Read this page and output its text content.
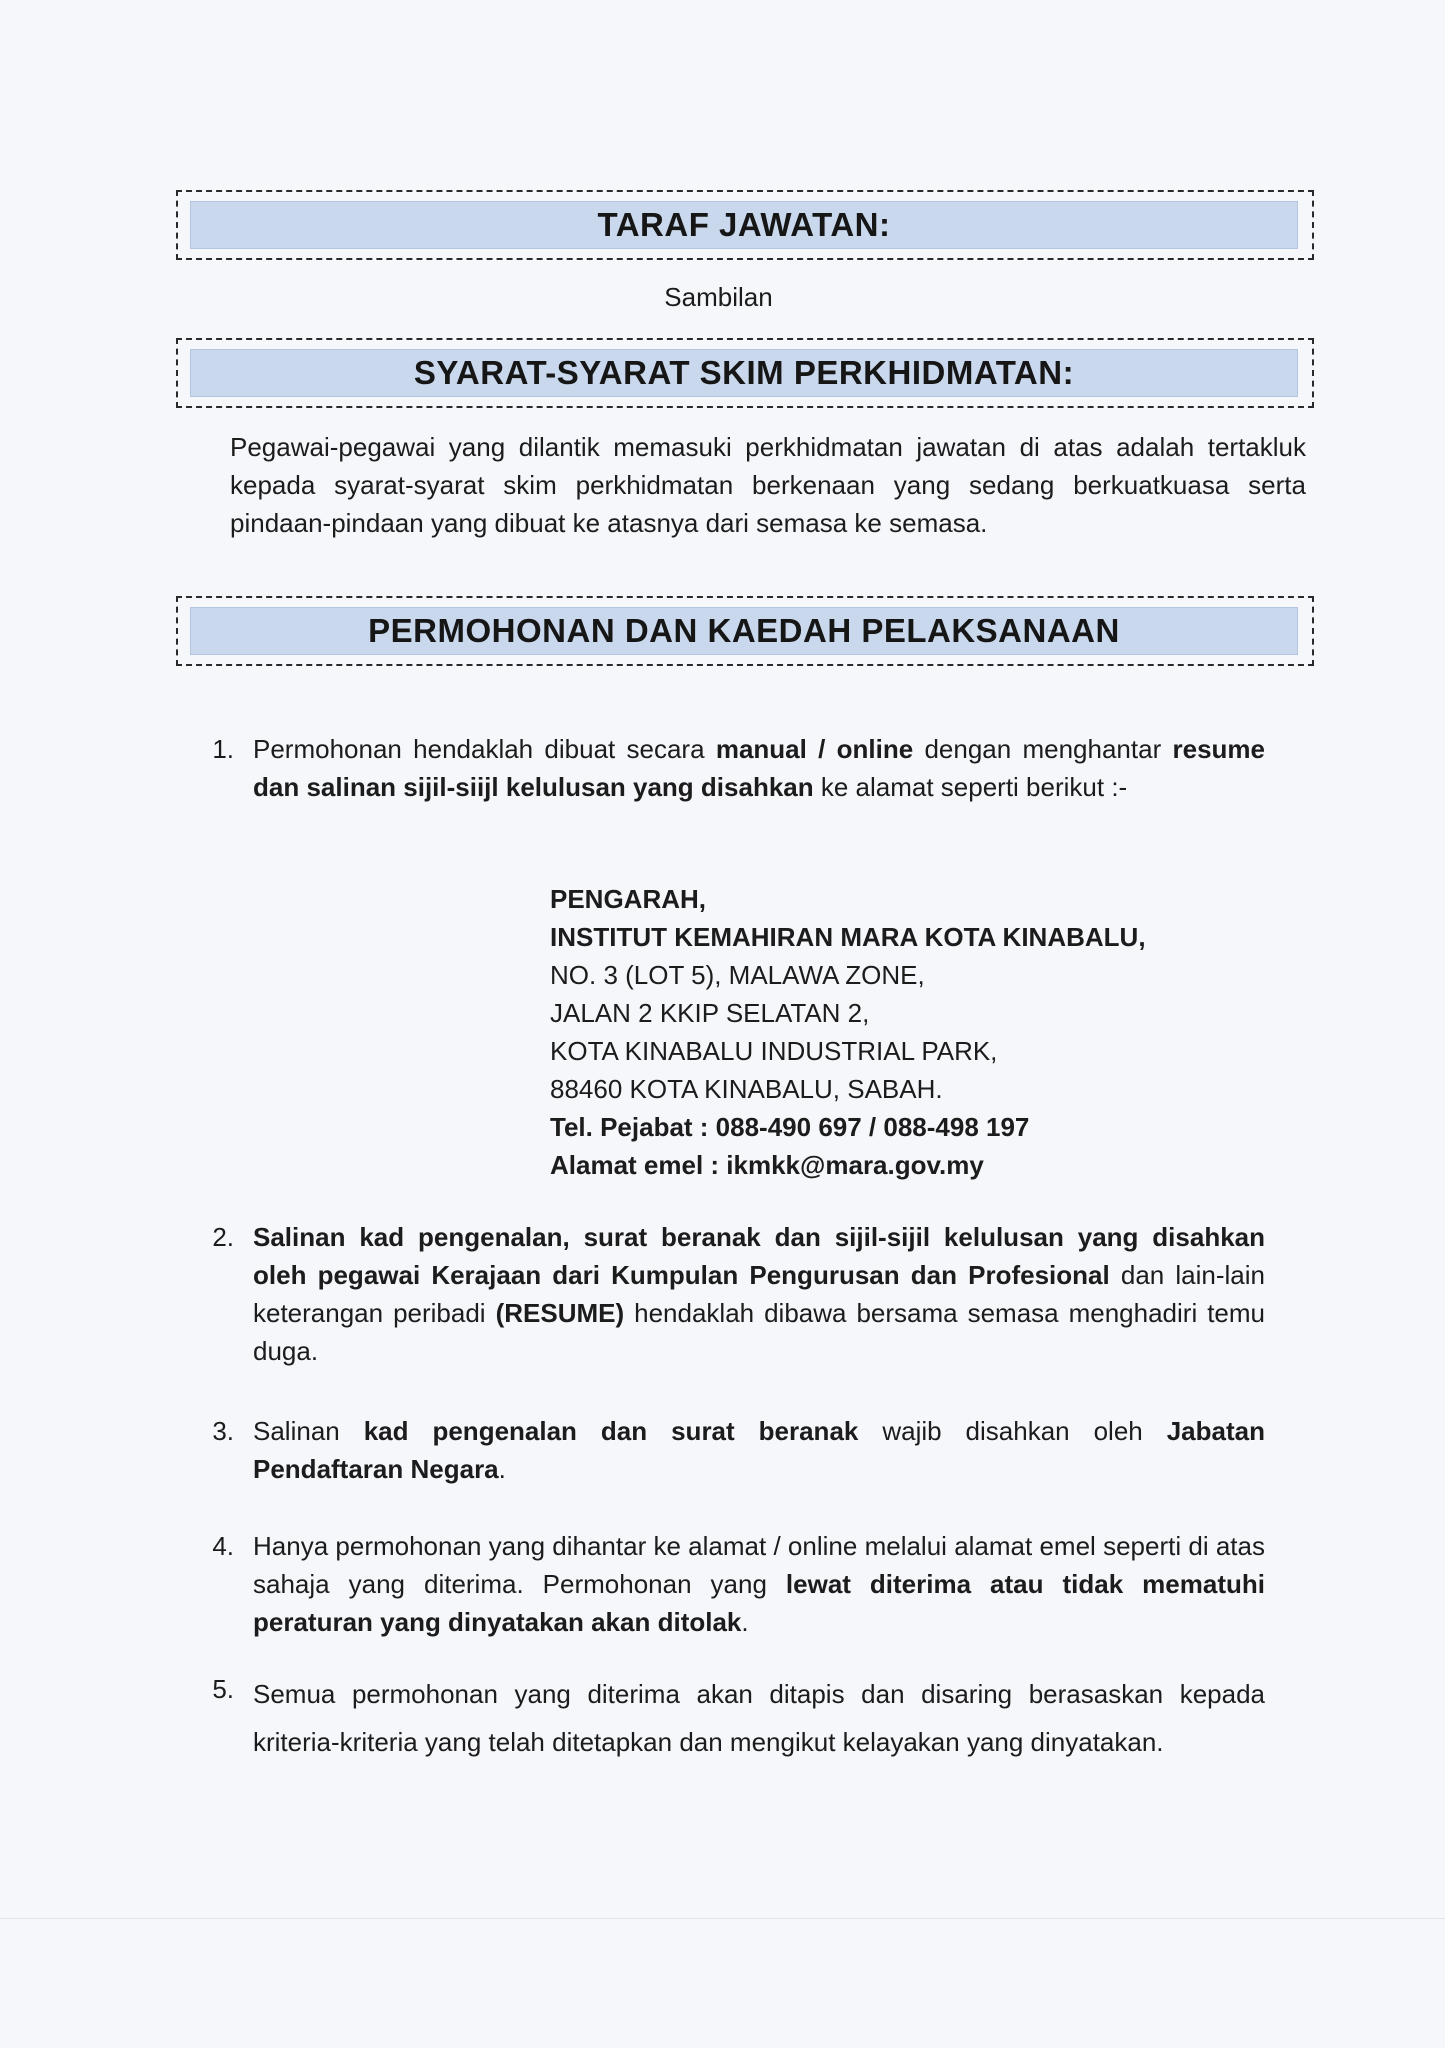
TARAF JAWATAN:
Sambilan
SYARAT-SYARAT SKIM PERKHIDMATAN:
Pegawai-pegawai yang dilantik memasuki perkhidmatan jawatan di atas adalah tertakluk kepada syarat-syarat skim perkhidmatan berkenaan yang sedang berkuatkuasa serta pindaan-pindaan yang dibuat ke atasnya dari semasa ke semasa.
PERMOHONAN DAN KAEDAH PELAKSANAAN
1. Permohonan hendaklah dibuat secara manual / online dengan menghantar resume dan salinan sijil-siijl kelulusan yang disahkan ke alamat seperti berikut :-
PENGARAH,
INSTITUT KEMAHIRAN MARA KOTA KINABALU,
NO. 3 (LOT 5), MALAWA ZONE,
JALAN 2 KKIP SELATAN 2,
KOTA KINABALU INDUSTRIAL PARK,
88460 KOTA KINABALU, SABAH.
Tel. Pejabat : 088-490 697 / 088-498 197
Alamat emel : ikmkk@mara.gov.my
2. Salinan kad pengenalan, surat beranak dan sijil-sijil kelulusan yang disahkan oleh pegawai Kerajaan dari Kumpulan Pengurusan dan Profesional dan lain-lain keterangan peribadi (RESUME) hendaklah dibawa bersama semasa menghadiri temu duga.
3. Salinan kad pengenalan dan surat beranak wajib disahkan oleh Jabatan Pendaftaran Negara.
4. Hanya permohonan yang dihantar ke alamat / online melalui alamat emel seperti di atas sahaja yang diterima. Permohonan yang lewat diterima atau tidak mematuhi peraturan yang dinyatakan akan ditolak.
5. Semua permohonan yang diterima akan ditapis dan disaring berasaskan kepada kriteria-kriteria yang telah ditetapkan dan mengikut kelayakan yang dinyatakan.
